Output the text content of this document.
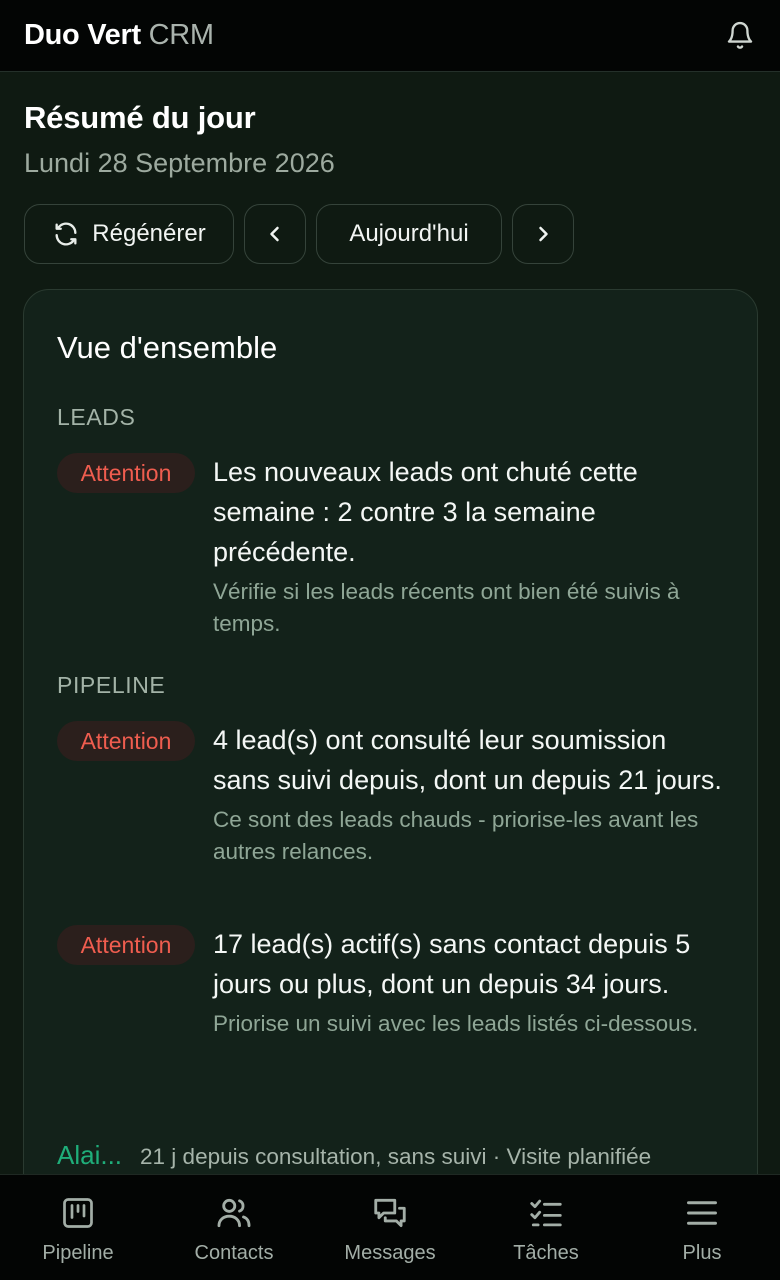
Duo Vert CRM
Résumé du jour
Lundi 28 Septembre 2026
Régénérer	Aujourd'hui
Vue d'ensemble
LEADS
Attention	Les nouveaux leads ont chuté cette semaine : 2 contre 3 la semaine précédente.
Vérifie si les leads récents ont bien été suivis à temps.
PIPELINE
Attention	4 lead(s) ont consulté leur soumission sans suivi depuis, dont un depuis 21 jours.
Ce sont des leads chauds - priorise-les avant les autres relances.
Attention	17 lead(s) actif(s) sans contact depuis 5 jours ou plus, dont un depuis 34 jours.
Priorise un suivi avec les leads listés ci-dessous.
Alai... 21 j depuis consultation, sans suivi · Visite planifiée
Pipeline	Contacts	Messages	Tâches	Plus
